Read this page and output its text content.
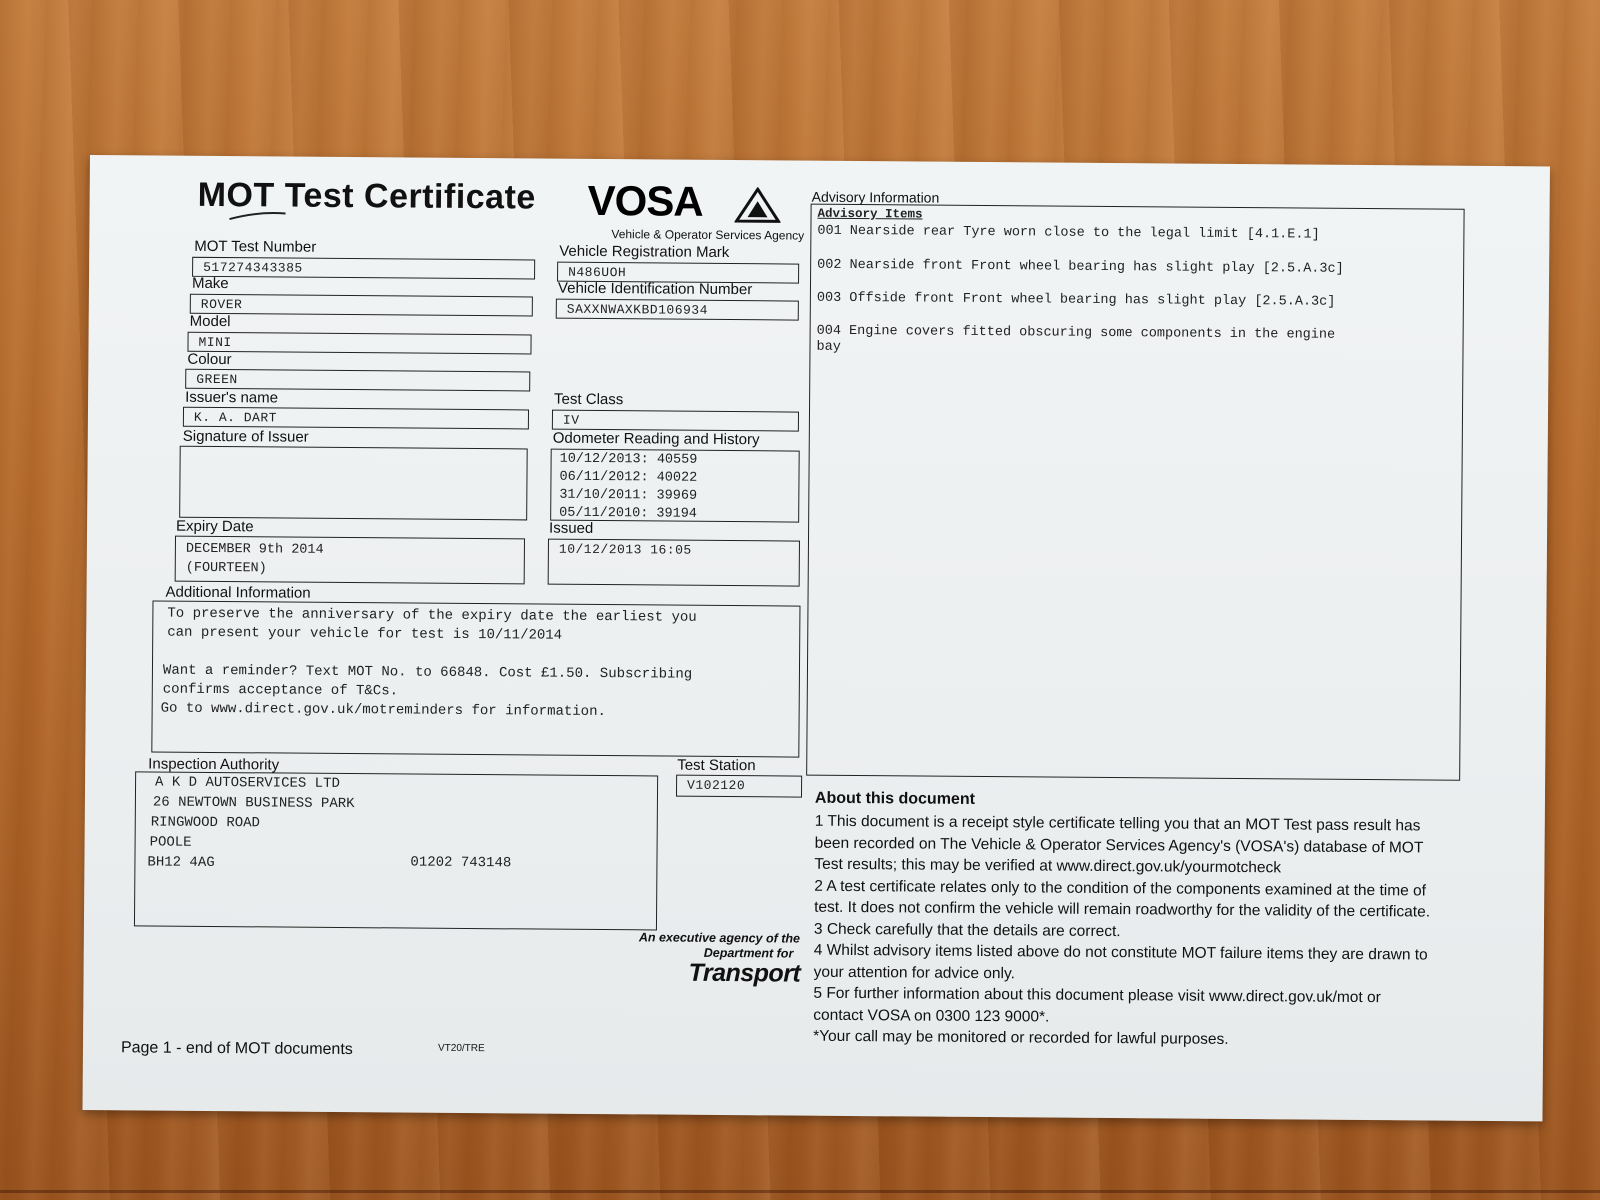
MOT Test Certificate VOSA
Vehicle & Operator Services Agency
MOT Test Number
517274343385
Make
ROVER
Model
MINI
Colour
GREEN
Issuer's name
K. A. DART
Signature of Issuer
Expiry Date
DECEMBER 9th 2014
(FOURTEEN)
Vehicle Registration Mark
N486UOH
Vehicle Identification Number
SAXXNWAXKBD106934
Test Class
IV
Odometer Reading and History
10/12/2013: 40559
06/11/2012: 40022
31/10/2011: 39969
05/11/2010: 39194
Issued
10/12/2013 16:05
Additional Information
To preserve the anniversary of the expiry date the earliest you
can present your vehicle for test is 10/11/2014
Want a reminder? Text MOT No. to 66848. Cost £1.50. Subscribing
confirms acceptance of T&Cs.
Go to www.direct.gov.uk/motreminders for information.
Inspection Authority
A K D AUTOSERVICES LTD
26 NEWTOWN BUSINESS PARK
RINGWOOD ROAD
POOLE
BH12 4AG	01202 743148
Test Station
V102120
An executive agency of the
Department for
Transport
Page 1 - end of MOT documents	VT20/TRE
Advisory Information
Advisory Items
001 Nearside rear Tyre worn close to the legal limit [4.1.E.1]
002 Nearside front Front wheel bearing has slight play [2.5.A.3c]
003 Offside front Front wheel bearing has slight play [2.5.A.3c]
004 Engine covers fitted obscuring some components in the engine
bay
About this document
1 This document is a receipt style certificate telling you that an MOT Test pass result has
been recorded on The Vehicle & Operator Services Agency's (VOSA's) database of MOT
Test results; this may be verified at www.direct.gov.uk/yourmotcheck
2 A test certificate relates only to the condition of the components examined at the time of
test. It does not confirm the vehicle will remain roadworthy for the validity of the certificate.
3 Check carefully that the details are correct.
4 Whilst advisory items listed above do not constitute MOT failure items they are drawn to
your attention for advice only.
5 For further information about this document please visit www.direct.gov.uk/mot or
contact VOSA on 0300 123 9000*.
*Your call may be monitored or recorded for lawful purposes.
